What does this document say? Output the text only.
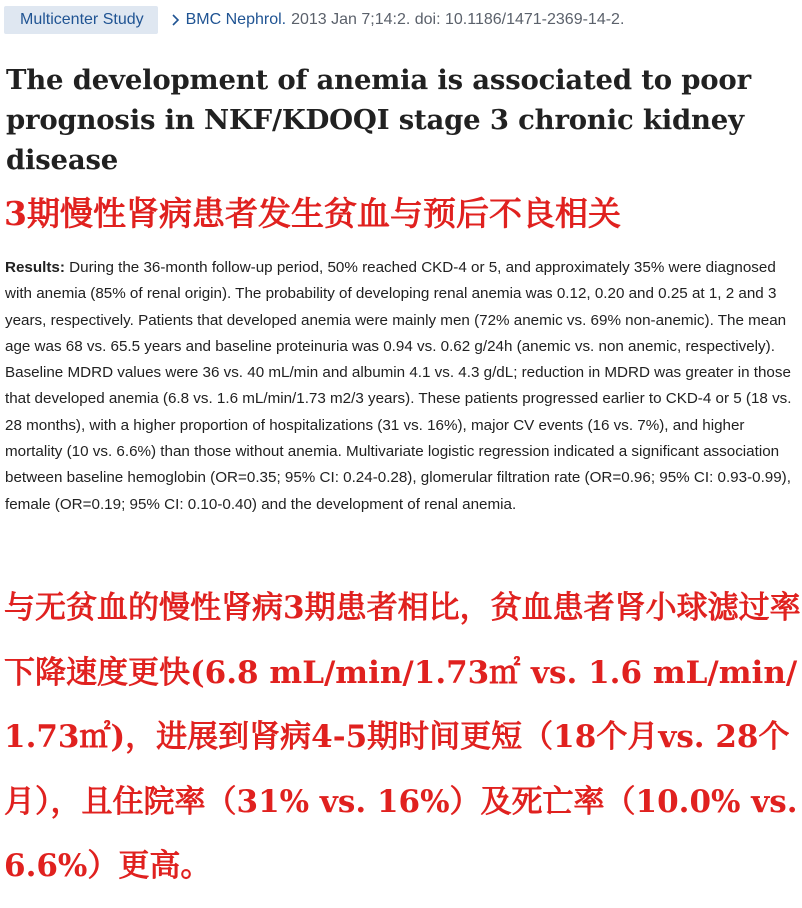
Multicenter Study	BMC Nephrol. 2013 Jan 7;14:2. doi: 10.1186/1471-2369-14-2.
The development of anemia is associated to poor prognosis in NKF/KDOQI stage 3 chronic kidney disease
3期慢性肾病患者发生贫血与预后不良相关

Results: During the 36-month follow-up period, 50% reached CKD-4 or 5, and approximately 35% were diagnosed with anemia (85% of renal origin). The probability of developing renal anemia was 0.12, 0.20 and 0.25 at 1, 2 and 3 years, respectively. Patients that developed anemia were mainly men (72% anemic vs. 69% non-anemic). The mean age was 68 vs. 65.5 years and baseline proteinuria was 0.94 vs. 0.62 g/24h (anemic vs. non anemic, respectively). Baseline MDRD values were 36 vs. 40 mL/min and albumin 4.1 vs. 4.3 g/dL; reduction in MDRD was greater in those that developed anemia (6.8 vs. 1.6 mL/min/1.73 m2/3 years). These patients progressed earlier to CKD-4 or 5 (18 vs. 28 months), with a higher proportion of hospitalizations (31 vs. 16%), major CV events (16 vs. 7%), and higher mortality (10 vs. 6.6%) than those without anemia. Multivariate logistic regression indicated a significant association between baseline hemoglobin (OR=0.35; 95% CI: 0.24-0.28), glomerular filtration rate (OR=0.96; 95% CI: 0.93-0.99), female (OR=0.19; 95% CI: 0.10-0.40) and the development of renal anemia.

与无贫血的慢性肾病3期患者相比，贫血患者肾小球滤过率下降速度更快(6.8 mL/min/1.73㎡ vs. 1.6 mL/min/1.73㎡)，进展到肾病4-5期时间更短（18个月vs. 28个月），且住院率（31% vs. 16%）及死亡率（10.0% vs. 6.6%）更高。
